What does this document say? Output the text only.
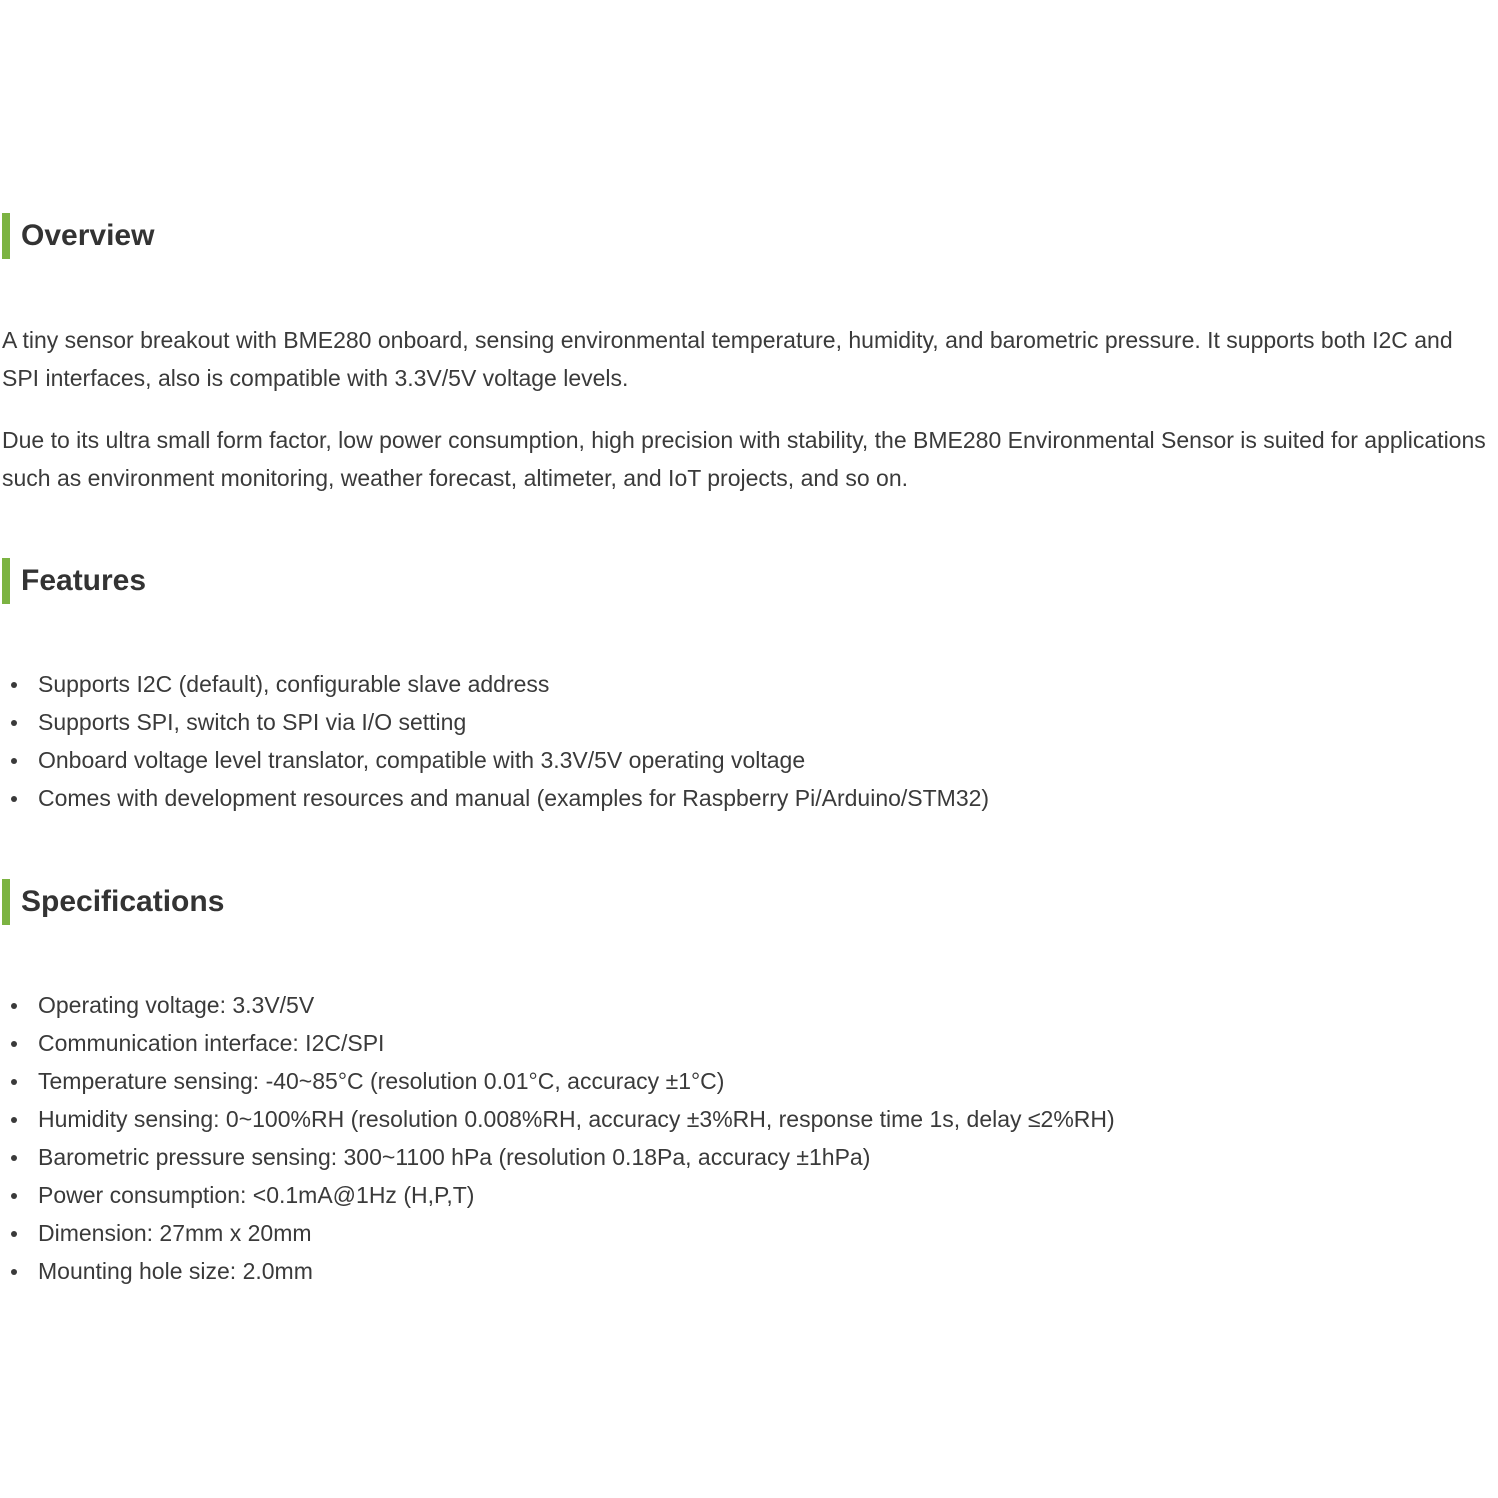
Overview

A tiny sensor breakout with BME280 onboard, sensing environmental temperature, humidity, and barometric pressure. It supports both I2C and SPI interfaces, also is compatible with 3.3V/5V voltage levels.

Due to its ultra small form factor, low power consumption, high precision with stability, the BME280 Environmental Sensor is suited for applications such as environment monitoring, weather forecast, altimeter, and IoT projects, and so on.

Features
Supports I2C (default), configurable slave address
Supports SPI, switch to SPI via I/O setting
Onboard voltage level translator, compatible with 3.3V/5V operating voltage
Comes with development resources and manual (examples for Raspberry Pi/Arduino/STM32)
Specifications
Operating voltage: 3.3V/5V
Communication interface: I2C/SPI
Temperature sensing: -40~85°C (resolution 0.01°C, accuracy ±1°C)
Humidity sensing: 0~100%RH (resolution 0.008%RH, accuracy ±3%RH, response time 1s, delay ≤2%RH)
Barometric pressure sensing: 300~1100 hPa (resolution 0.18Pa, accuracy ±1hPa)
Power consumption: <0.1mA@1Hz (H,P,T)
Dimension: 27mm x 20mm
Mounting hole size: 2.0mm
